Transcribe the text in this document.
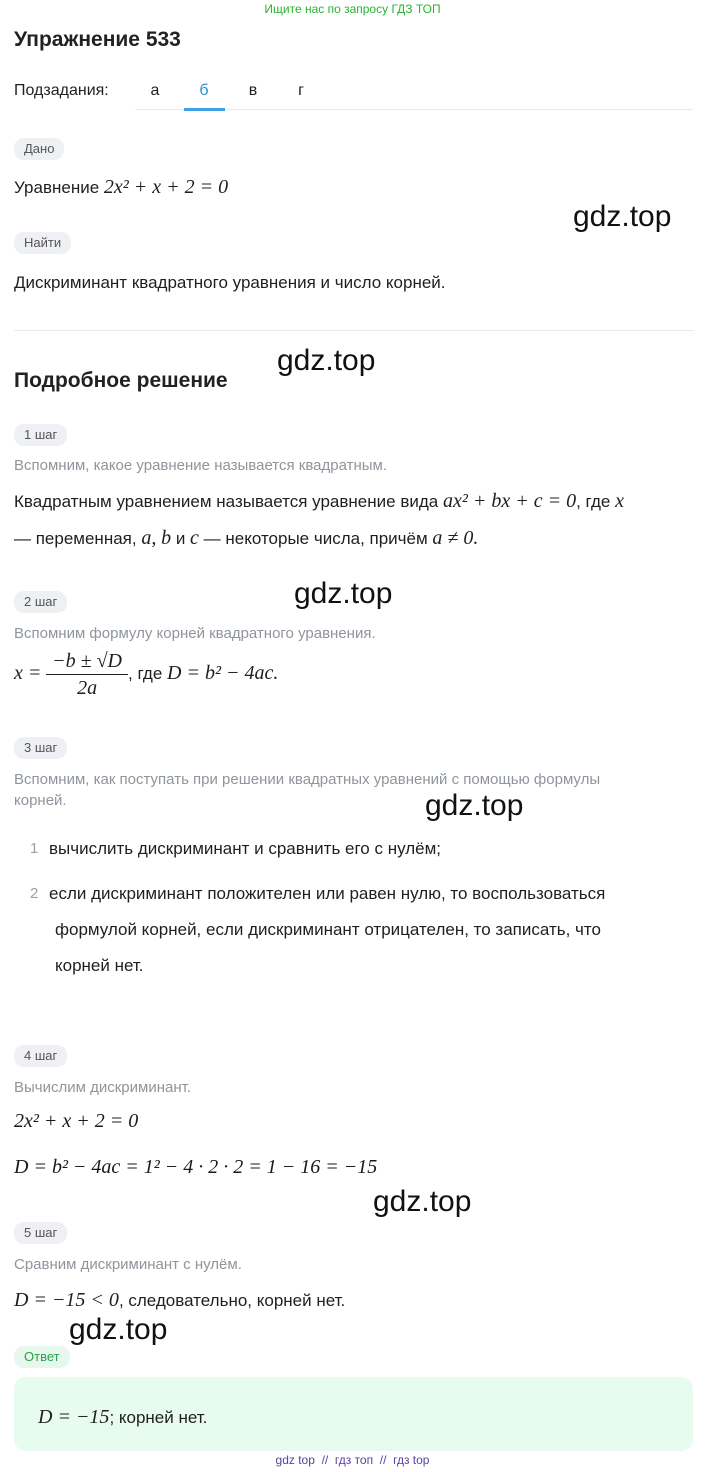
Ищите нас по запросу ГДЗ ТОП
Упражнение 533
Подзадания:	а	б	в	г
Дано
Уравнение 2x² + x + 2 = 0
Найти
Дискриминант квадратного уравнения и число корней.
Подробное решение
1 шаг
Вспомним, какое уравнение называется квадратным.
Квадратным уравнением называется уравнение вида ax² + bx + c = 0, где x
— переменная, a, b и c — некоторые числа, причём a ≠ 0.
2 шаг
Вспомним формулу корней квадратного уравнения.
$x = \frac{-b \pm √D}{2a}$ , где D = b² − 4ac.
3 шаг
Вспомним, как поступать при решении квадратных уравнений с помощью формулы
корней.
1 вычислить дискриминант и сравнить его с нулём;
2 если дискриминант положителен или равен нулю, то воспользоваться
формулой корней, если дискриминант отрицателен, то записать, что
корней нет.
4 шаг
Вычислим дискриминант.
2x² + x + 2 = 0
D = b² − 4ac = 1² − 4 · 2 · 2 = 1 − 16 = −15
5 шаг
Сравним дискриминант с нулём.
D = −15 < 0, следовательно, корней нет.
Ответ
D = −15; корней нет.
gdz.top
gdz.top
gdz.top
gdz.top
gdz.top
gdz.top
gdz top  //  гдз топ  //  гдз top
